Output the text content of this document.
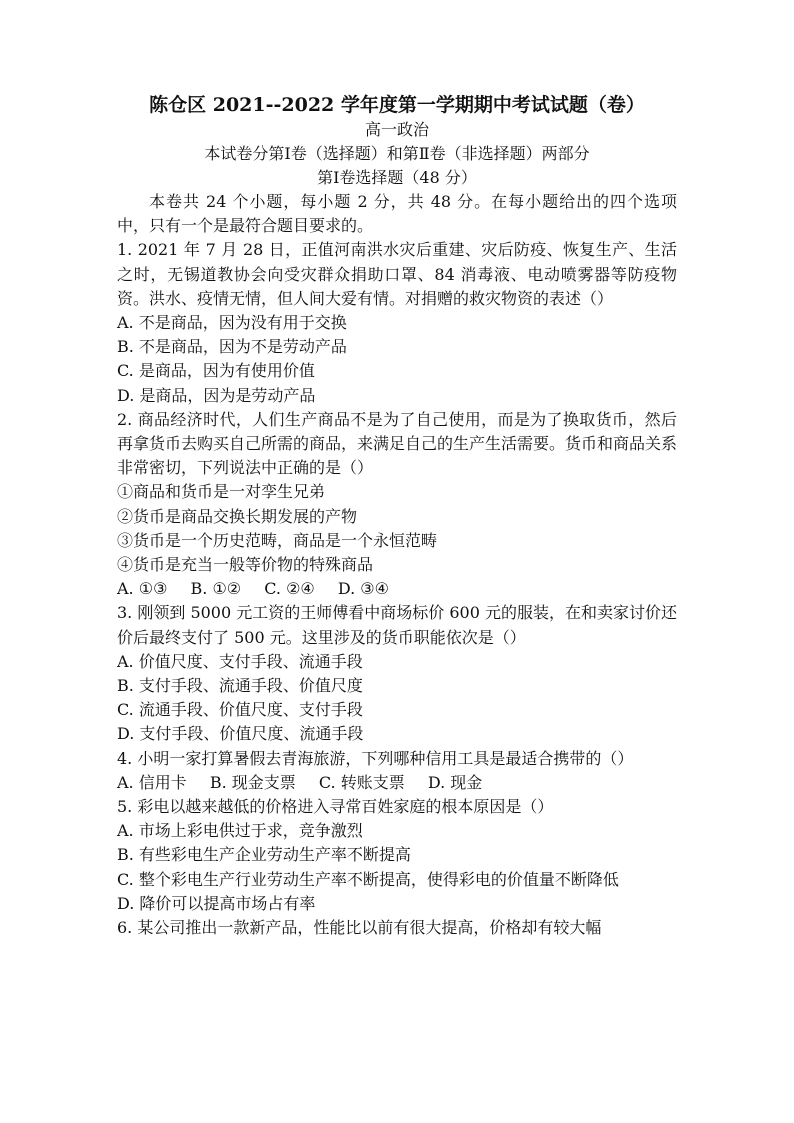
陈仓区 2021--2022 学年度第一学期期中考试试题（卷）

高一政治

本试卷分第Ⅰ卷（选择题）和第Ⅱ卷（非选择题）两部分

第Ⅰ卷选择题（48 分）

本卷共 24 个小题，每小题 2 分，共 48 分。在每小题给出的四个选项中，只有一个是最符合题目要求的。

1. 2021 年 7 月 28 日，正值河南洪水灾后重建、灾后防疫、恢复生产、生活之时，无锡道教协会向受灾群众捐助口罩、84 消毒液、电动喷雾器等防疫物资。洪水、疫情无情，但人间大爱有情。对捐赠的救灾物资的表述（）

A. 不是商品，因为没有用于交换

B. 不是商品，因为不是劳动产品

C. 是商品，因为有使用价值

D. 是商品，因为是劳动产品

2. 商品经济时代，人们生产商品不是为了自己使用，而是为了换取货币，然后再拿货币去购买自己所需的商品，来满足自己的生产生活需要。货币和商品关系非常密切，下列说法中正确的是（）

①商品和货币是一对孪生兄弟

②货币是商品交换长期发展的产物

③货币是一个历史范畴，商品是一个永恒范畴

④货币是充当一般等价物的特殊商品

A. ①③ B. ①② C. ②④ D. ③④

3. 刚领到 5000 元工资的王师傅看中商场标价 600 元的服装，在和卖家讨价还价后最终支付了 500 元。这里涉及的货币职能依次是（）

A. 价值尺度、支付手段、流通手段

B. 支付手段、流通手段、价值尺度

C. 流通手段、价值尺度、支付手段

D. 支付手段、价值尺度、流通手段

4. 小明一家打算暑假去青海旅游，下列哪种信用工具是最适合携带的（）

A. 信用卡 B. 现金支票 C. 转账支票 D. 现金

5. 彩电以越来越低的价格进入寻常百姓家庭的根本原因是（）

A. 市场上彩电供过于求，竞争激烈

B. 有些彩电生产企业劳动生产率不断提高

C. 整个彩电生产行业劳动生产率不断提高，使得彩电的价值量不断降低

D. 降价可以提高市场占有率

6. 某公司推出一款新产品，性能比以前有很大提高，价格却有较大幅
